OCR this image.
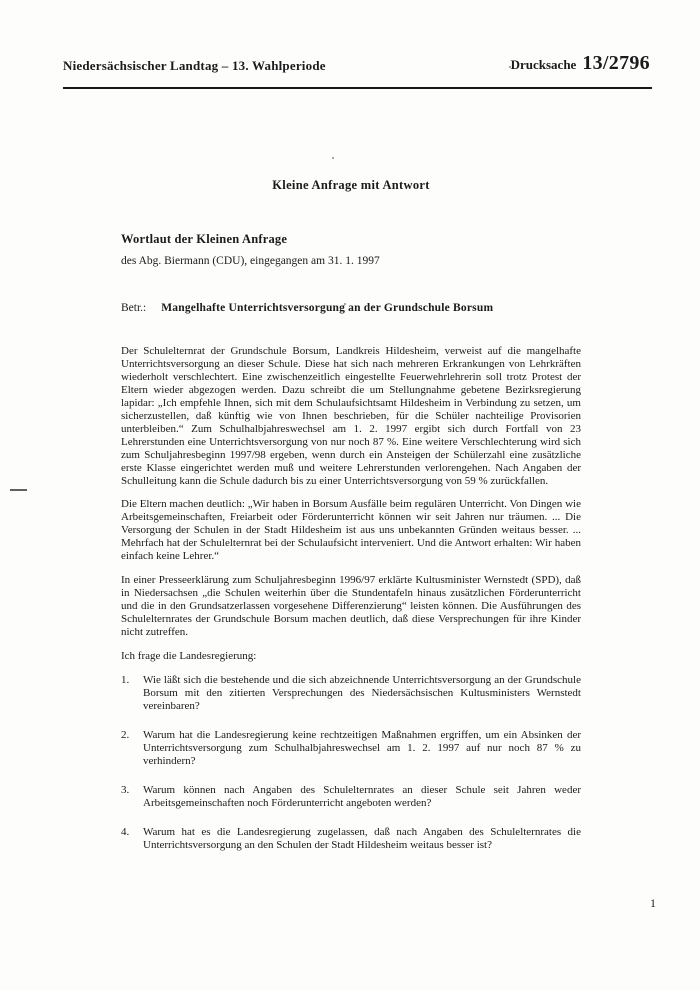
Niedersächsischer Landtag – 13. Wahlperiode	Drucksache 13/2796
Kleine Anfrage mit Antwort
Wortlaut der Kleinen Anfrage
des Abg. Biermann (CDU), eingegangen am 31. 1. 1997
Betr.: Mangelhafte Unterrichtsversorgung an der Grundschule Borsum

Der Schulelternrat der Grundschule Borsum, Landkreis Hildesheim, verweist auf die mangelhafte Unterrichtsversorgung an dieser Schule. Diese hat sich nach mehreren Erkrankungen von Lehrkräften wiederholt verschlechtert. Eine zwischenzeitlich eingestellte Feuerwehrlehrerin soll trotz Protest der Eltern wieder abgezogen werden. Dazu schreibt die um Stellungnahme gebetene Bezirksregierung lapidar: „Ich empfehle Ihnen, sich mit dem Schulaufsichtsamt Hildesheim in Verbindung zu setzen, um sicherzustellen, daß künftig wie von Ihnen beschrieben, für die Schüler nachteilige Provisorien unterbleiben.“ Zum Schulhalbjahreswechsel am 1. 2. 1997 ergibt sich durch Fortfall von 23 Lehrerstunden eine Unterrichtsversorgung von nur noch 87 %. Eine weitere Verschlechterung wird sich zum Schuljahresbeginn 1997/98 ergeben, wenn durch ein Ansteigen der Schülerzahl eine zusätzliche erste Klasse eingerichtet werden muß und weitere Lehrerstunden verlorengehen. Nach Angaben der Schulleitung kann die Schule dadurch bis zu einer Unterrichtsversorgung von 59 % zurückfallen.

Die Eltern machen deutlich: „Wir haben in Borsum Ausfälle beim regulären Unterricht. Von Dingen wie Arbeitsgemeinschaften, Freiarbeit oder Förderunterricht können wir seit Jahren nur träumen. ... Die Versorgung der Schulen in der Stadt Hildesheim ist aus uns unbekannten Gründen weitaus besser. ... Mehrfach hat der Schulelternrat bei der Schulaufsicht interveniert. Und die Antwort erhalten: Wir haben einfach keine Lehrer.“

In einer Presseerklärung zum Schuljahresbeginn 1996/97 erklärte Kultusminister Wernstedt (SPD), daß in Niedersachsen „die Schulen weiterhin über die Stundentafeln hinaus zusätzlichen Förderunterricht und die in den Grundsatzerlassen vorgesehene Differenzierung“ leisten können. Die Ausführungen des Schulelternrates der Grundschule Borsum machen deutlich, daß diese Versprechungen für ihre Kinder nicht zutreffen.

Ich frage die Landesregierung:

1. Wie läßt sich die bestehende und die sich abzeichnende Unterrichtsversorgung an der Grundschule Borsum mit den zitierten Versprechungen des Niedersächsischen Kultusministers Wernstedt vereinbaren?
2. Warum hat die Landesregierung keine rechtzeitigen Maßnahmen ergriffen, um ein Absinken der Unterrichtsversorgung zum Schulhalbjahreswechsel am 1. 2. 1997 auf nur noch 87 % zu verhindern?
3. Warum können nach Angaben des Schulelternrates an dieser Schule seit Jahren weder Arbeitsgemeinschaften noch Förderunterricht angeboten werden?
4. Warum hat es die Landesregierung zugelassen, daß nach Angaben des Schulelternrates die Unterrichtsversorgung an den Schulen der Stadt Hildesheim weitaus besser ist?
1
